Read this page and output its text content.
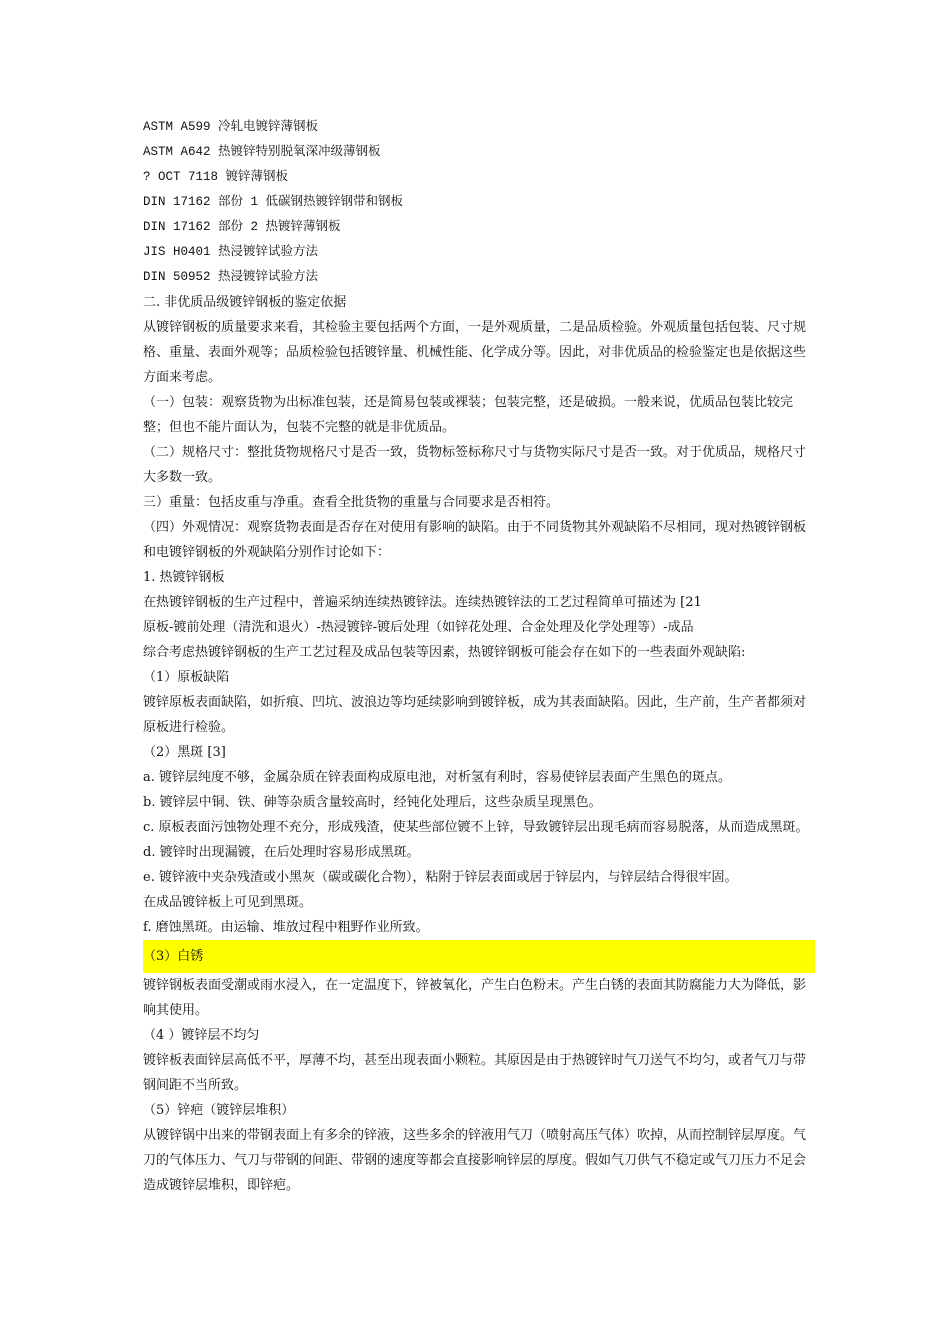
ASTM A599 冷轧电镀锌薄钢板

ASTM A642 热镀锌特别脱氧深冲级薄钢板

? OCT 7118 镀锌薄钢板

DIN 17162 部份 1 低碳钢热镀锌钢带和钢板

DIN 17162 部份 2 热镀锌薄钢板

JIS H0401 热浸镀锌试验方法

DIN 50952 热浸镀锌试验方法

二. 非优质品级镀锌钢板的鉴定依据

从镀锌钢板的质量要求来看，其检验主要包括两个方面，一是外观质量，二是品质检验。外观质量包括包装、尺寸规格、重量、表面外观等；品质检验包括镀锌量、机械性能、化学成分等。因此，对非优质品的检验鉴定也是依据这些方面来考虑。

（一）包装：观察货物为出标准包装，还是简易包装或裸装；包装完整，还是破损。一般来说，优质品包装比较完整；但也不能片面认为，包装不完整的就是非优质品。

（二）规格尺寸：整批货物规格尺寸是否一致，货物标签标称尺寸与货物实际尺寸是否一致。对于优质品，规格尺寸大多数一致。

三）重量：包括皮重与净重。查看全批货物的重量与合同要求是否相符。

（四）外观情况：观察货物表面是否存在对使用有影响的缺陷。由于不同货物其外观缺陷不尽相同，现对热镀锌钢板和电镀锌钢板的外观缺陷分别作讨论如下：

1. 热镀锌钢板

在热镀锌钢板的生产过程中，普遍采纳连续热镀锌法。连续热镀锌法的工艺过程简单可描述为 [21

原板-镀前处理（清洗和退火）-热浸镀锌-镀后处理（如锌花处理、合金处理及化学处理等）-成品

综合考虑热镀锌钢板的生产工艺过程及成品包装等因素，热镀锌钢板可能会存在如下的一些表面外观缺陷:

（1）原板缺陷

镀锌原板表面缺陷，如折痕、凹坑、波浪边等均延续影响到镀锌板，成为其表面缺陷。因此，生产前，生产者都须对原板进行检验。

（2）黑斑 [3]

a. 镀锌层纯度不够，金属杂质在锌表面构成原电池，对析氢有利时，容易使锌层表面产生黑色的斑点。

b. 镀锌层中铜、铁、砷等杂质含量较高时，经钝化处理后，这些杂质呈现黑色。

c. 原板表面污蚀物处理不充分，形成残渣，使某些部位镀不上锌，导致镀锌层出现毛病而容易脱落，从而造成黑斑。

d. 镀锌时出现漏镀，在后处理时容易形成黑斑。

e. 镀锌液中夹杂残渣或小黑灰（碳或碳化合物），粘附于锌层表面或居于锌层内，与锌层结合得很牢固。

在成品镀锌板上可见到黑斑。

f. 磨蚀黑斑。由运输、堆放过程中粗野作业所致。

（3）白锈

镀锌钢板表面受潮或雨水浸入，在一定温度下，锌被氧化，产生白色粉末。产生白锈的表面其防腐能力大为降低，影响其使用。

（4 ）镀锌层不均匀

镀锌板表面锌层高低不平，厚薄不均，甚至出现表面小颗粒。其原因是由于热镀锌时气刀送气不均匀，或者气刀与带钢间距不当所致。

（5）锌疤（镀锌层堆积）

从镀锌锅中出来的带钢表面上有多余的锌液，这些多余的锌液用气刀（喷射高压气体）吹掉，从而控制锌层厚度。气刀的气体压力、气刀与带钢的间距、带钢的速度等都会直接影响锌层的厚度。假如气刀供气不稳定或气刀压力不足会造成镀锌层堆积，即锌疤。
